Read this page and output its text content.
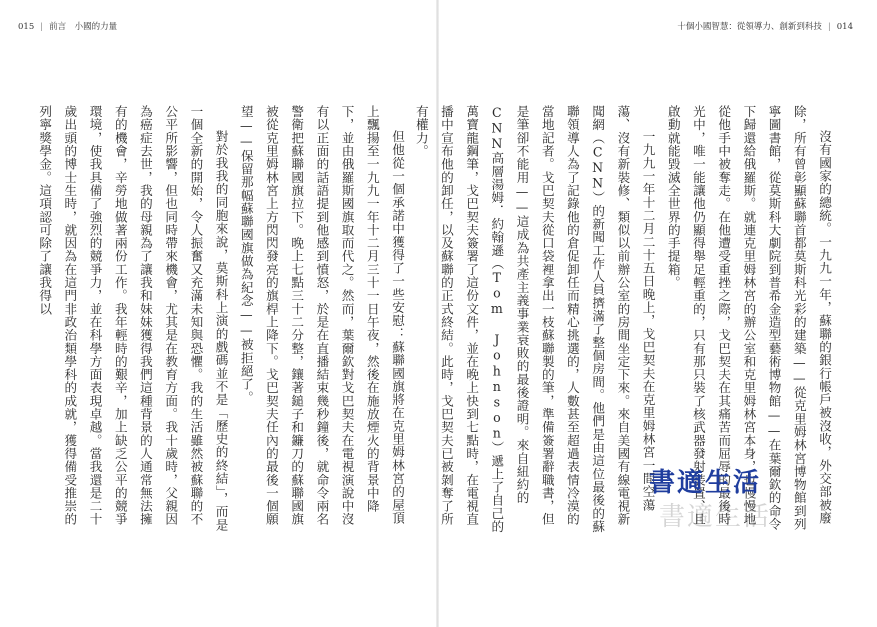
015 | 前言　 小國的力量

但他從一個承諾中獲得了一些安慰：蘇聯國旗將在克里姆林宮的屋頂上飄揚至一九九一年十二月三十一日午夜，然後在施放煙火的背景中降下，並由俄羅斯國旗取而代之。然而，葉爾欽對戈巴契夫在電視演說中沒有以正面的話語提到他感到憤怒，於是在直播結束幾秒鐘後，就命令兩名警衛把蘇聯國旗拉下。晚上七點三十二分整，鑲著鎚子和鐮刀的蘇聯國旗被從克里姆林宮上方閃閃發亮的旗桿上降下。戈巴契夫任內的最後一個願望——保留那幅蘇聯國旗做為紀念——被拒絕了。

對於我我的同胞來說，莫斯科上演的戲碼並不是「歷史的終結」，而是一個全新的開始，令人振奮又充滿未知與恐懼。我的生活雖然被蘇聯的不公平所影響，但也同時帶來機會，尤其是在教育方面。我十歲時，父親因為癌症去世，我的母親為了讓我和妹妹獲得我們這種背景的人通常無法擁有的機會，辛勞地做著兩份工作。我年輕時的艱辛，加上缺乏公平的競爭環境，使我具備了強烈的競爭力，並在科學方面表現卓越。當我還是二十歲出頭的博士生時，就因為在這門非政治類學科的成就，獲得備受推崇的列寧獎學金。這項認可除了讓我得以

十個小國智慧：從領導力、創新到科技 | 014

沒有國家的總統。一九九一年，蘇聯的銀行帳戶被沒收，外交部被廢除，所有曾彰顯蘇聯首都莫斯科光彩的建築——從克里姆林宮博物館到列寧圖書館，從莫斯科大劇院到普希金造型藝術博物館——在葉爾欽的命令下歸還給俄羅斯。就連克里姆林宮的辦公室和克里姆林宮本身，也慢慢地從他手中被奪走。在他遭受重挫之際，戈巴契夫在其痛苦而屈辱的最後時光中，唯一能讓他仍顯得舉足輕重的，只有那只裝了核武器發射裝置、且啟動就能毀滅全世界的手提箱。

一九九一年十二月二十五日晚上，戈巴契夫在克里姆林宮一間空蕩蕩、沒有新裝修、類似以前辦公室的房間坐定下來。來自美國有線電視新聞網（CNN）的新聞工作人員擠滿了整個房間。他們是由這位最後的蘇聯領導人為了記錄他的倉促卸任而精心挑選的，人數甚至超過表情冷漠的當地記者。戈巴契夫從口袋裡拿出一枝蘇聯製的筆，準備簽署辭職書，但是筆卻不能用——這成為共產主義事業衰敗的最後證明。來自紐約的CNN高層湯姆．約翰遜（Tom Johnson）遞上了自己的萬寶龍鋼筆，戈巴契夫簽署了這份文件，並在晚上快到七點時，在電視直播中宣布他的卸任，以及蘇聯的正式終結。此時，戈巴契夫已被剝奪了所有權力。

書適生活
書適生活
